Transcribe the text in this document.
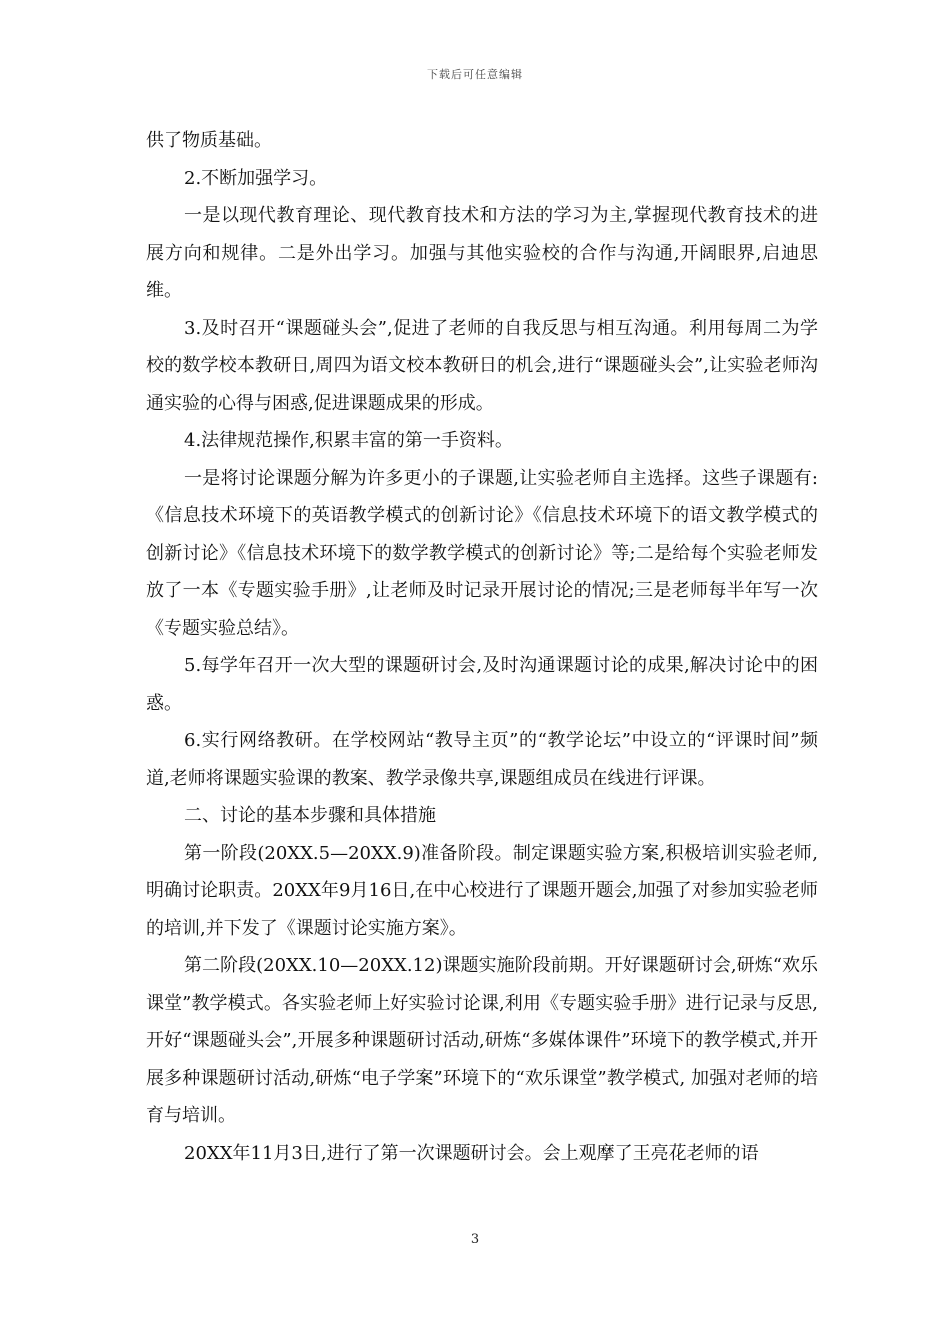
下载后可任意编辑

供了物质基础。

2.不断加强学习。

一是以现代教育理论、现代教育技术和方法的学习为主,掌握现代教育技术的进展方向和规律。二是外出学习。加强与其他实验校的合作与沟通,开阔眼界,启迪思维。

3.及时召开“课题碰头会”,促进了老师的自我反思与相互沟通。利用每周二为学校的数学校本教研日,周四为语文校本教研日的机会,进行“课题碰头会”,让实验老师沟通实验的心得与困惑,促进课题成果的形成。

4.法律规范操作,积累丰富的第一手资料。

一是将讨论课题分解为许多更小的子课题,让实验老师自主选择。这些子课题有:《信息技术环境下的英语教学模式的创新讨论》《信息技术环境下的语文教学模式的创新讨论》《信息技术环境下的数学教学模式的创新讨论》等;二是给每个实验老师发放了一本《专题实验手册》,让老师及时记录开展讨论的情况;三是老师每半年写一次《专题实验总结》。

5.每学年召开一次大型的课题研讨会,及时沟通课题讨论的成果,解决讨论中的困惑。

6.实行网络教研。在学校网站“教导主页”的“教学论坛”中设立的“评课时间”频道,老师将课题实验课的教案、教学录像共享,课题组成员在线进行评课。

二、讨论的基本步骤和具体措施

第一阶段(20XX.5—20XX.9)准备阶段。制定课题实验方案,积极培训实验老师,明确讨论职责。20XX年9月16日,在中心校进行了课题开题会,加强了对参加实验老师的培训,并下发了《课题讨论实施方案》。

第二阶段(20XX.10—20XX.12)课题实施阶段前期。开好课题研讨会,研炼“欢乐课堂”教学模式。各实验老师上好实验讨论课,利用《专题实验手册》进行记录与反思,开好“课题碰头会”,开展多种课题研讨活动,研炼“多媒体课件”环境下的教学模式,并开展多种课题研讨活动,研炼“电子学案”环境下的“欢乐课堂”教学模式, 加强对老师的培育与培训。

20XX年11月3日,进行了第一次课题研讨会。会上观摩了王亮花老师的语

3
